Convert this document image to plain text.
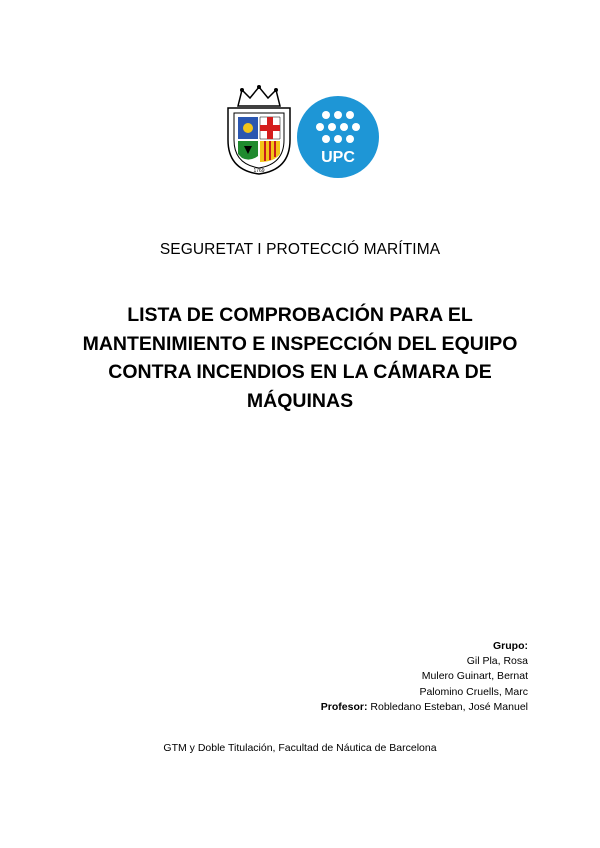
1769
UPC
SEGURETAT I PROTECCIÓ MARÍTIMA
LISTA DE COMPROBACIÓN PARA EL
MANTENIMIENTO E INSPECCIÓN DEL EQUIPO
CONTRA INCENDIOS EN LA CÁMARA DE
MÁQUINAS
Grupo:
Gil Pla, Rosa
Mulero Guinart, Bernat
Palomino Cruells, Marc
Profesor: Robledano Esteban, José Manuel
GTM y Doble Titulación, Facultad de Náutica de Barcelona
